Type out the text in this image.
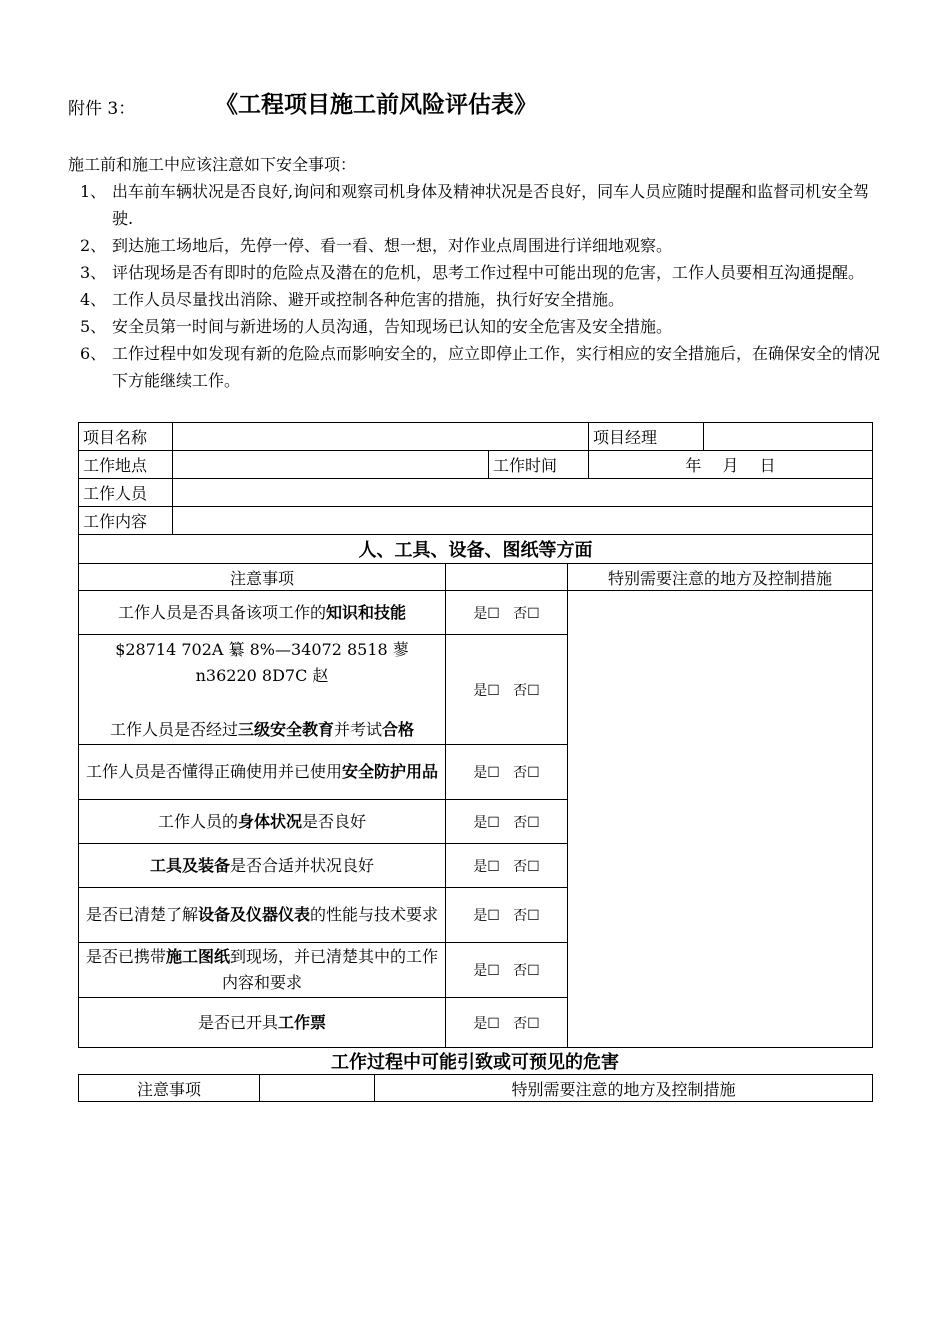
附件 3：	《工程项目施工前风险评估表》
施工前和施工中应该注意如下安全事项：
1、 出车前车辆状况是否良好,询问和观察司机身体及精神状况是否良好，同车人员应随时提醒和监督司机安全驾驶.
2、 到达施工场地后，先停一停、看一看、想一想，对作业点周围进行详细地观察。
3、 评估现场是否有即时的危险点及潜在的危机，思考工作过程中可能出现的危害，工作人员要相互沟通提醒。
4、 工作人员尽量找出消除、避开或控制各种危害的措施，执行好安全措施。
5、 安全员第一时间与新进场的人员沟通，告知现场已认知的安全危害及安全措施。
6、 工作过程中如发现有新的危险点而影响安全的，应立即停止工作，实行相应的安全措施后，在确保安全的情况下方能继续工作。
项目名称			项目经理	
工作地点		工作时间	年　 月　 日	
工作人员				
工作内容				
人、工具、设备、图纸等方面		
注意事项		特别需要注意的地方及控制措施
工作人员是否具备该项工作的知识和技能	是☐ 否☐	

$28714 702A 纂 8%—34072 8518 蓼 n36220 8D7C 赵
工作人员是否经过三级安全教育并考试合格	是☐ 否☐	
工作人员是否懂得正确使用并已使用安全防护用品	是☐ 否☐	
工作人员的身体状况是否良好	是☐ 否☐	
工具及装备是否合适并状况良好	是☐ 否☐	
是否已清楚了解设备及仪器仪表的性能与技术要求	是☐ 否☐	
是否已携带施工图纸到现场，并已清楚其中的工作内容和要求	是☐ 否☐	
是否已开具工作票	是☐ 否☐	
工作过程中可能引致或可预见的危害
注意事项		特别需要注意的地方及控制措施
